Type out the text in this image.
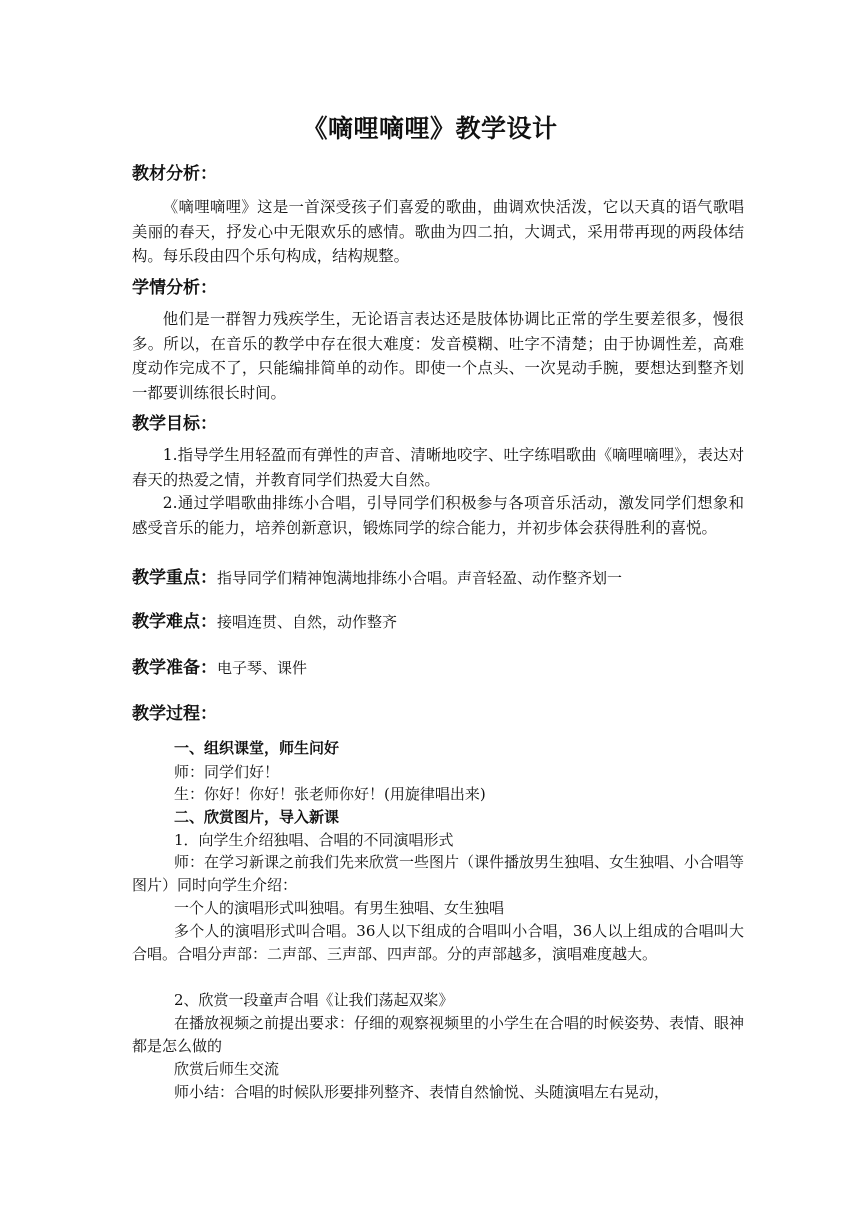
《嘀哩嘀哩》教学设计
教材分析：
《嘀哩嘀哩》这是一首深受孩子们喜爱的歌曲，曲调欢快活泼，它以天真的语气歌唱美丽的春天，抒发心中无限欢乐的感情。歌曲为四二拍，大调式，采用带再现的两段体结构。每乐段由四个乐句构成，结构规整。
学情分析：
他们是一群智力残疾学生，无论语言表达还是肢体协调比正常的学生要差很多，慢很多。所以，在音乐的教学中存在很大难度：发音模糊、吐字不清楚；由于协调性差，高难度动作完成不了，只能编排简单的动作。即使一个点头、一次晃动手腕，要想达到整齐划一都要训练很长时间。
教学目标：
1.指导学生用轻盈而有弹性的声音、清晰地咬字、吐字练唱歌曲《嘀哩嘀哩》，表达对春天的热爱之情，并教育同学们热爱大自然。
2.通过学唱歌曲排练小合唱，引导同学们积极参与各项音乐活动，激发同学们想象和感受音乐的能力，培养创新意识，锻炼同学的综合能力，并初步体会获得胜利的喜悦。
教学重点：指导同学们精神饱满地排练小合唱。声音轻盈、动作整齐划一
教学难点：接唱连贯、自然，动作整齐
教学准备：电子琴、课件
教学过程：
一、组织课堂，师生问好
师：同学们好！
生：你好！你好！张老师你好！(用旋律唱出来)
二、欣赏图片，导入新课
1．向学生介绍独唱、合唱的不同演唱形式
师：在学习新课之前我们先来欣赏一些图片（课件播放男生独唱、女生独唱、小合唱等图片）同时向学生介绍：
一个人的演唱形式叫独唱。有男生独唱、女生独唱
多个人的演唱形式叫合唱。36人以下组成的合唱叫小合唱，36人以上组成的合唱叫大合唱。合唱分声部：二声部、三声部、四声部。分的声部越多，演唱难度越大。
2、欣赏一段童声合唱《让我们荡起双桨》
在播放视频之前提出要求：仔细的观察视频里的小学生在合唱的时候姿势、表情、眼神都是怎么做的
欣赏后师生交流
师小结：合唱的时候队形要排列整齐、表情自然愉悦、头随演唱左右晃动，
